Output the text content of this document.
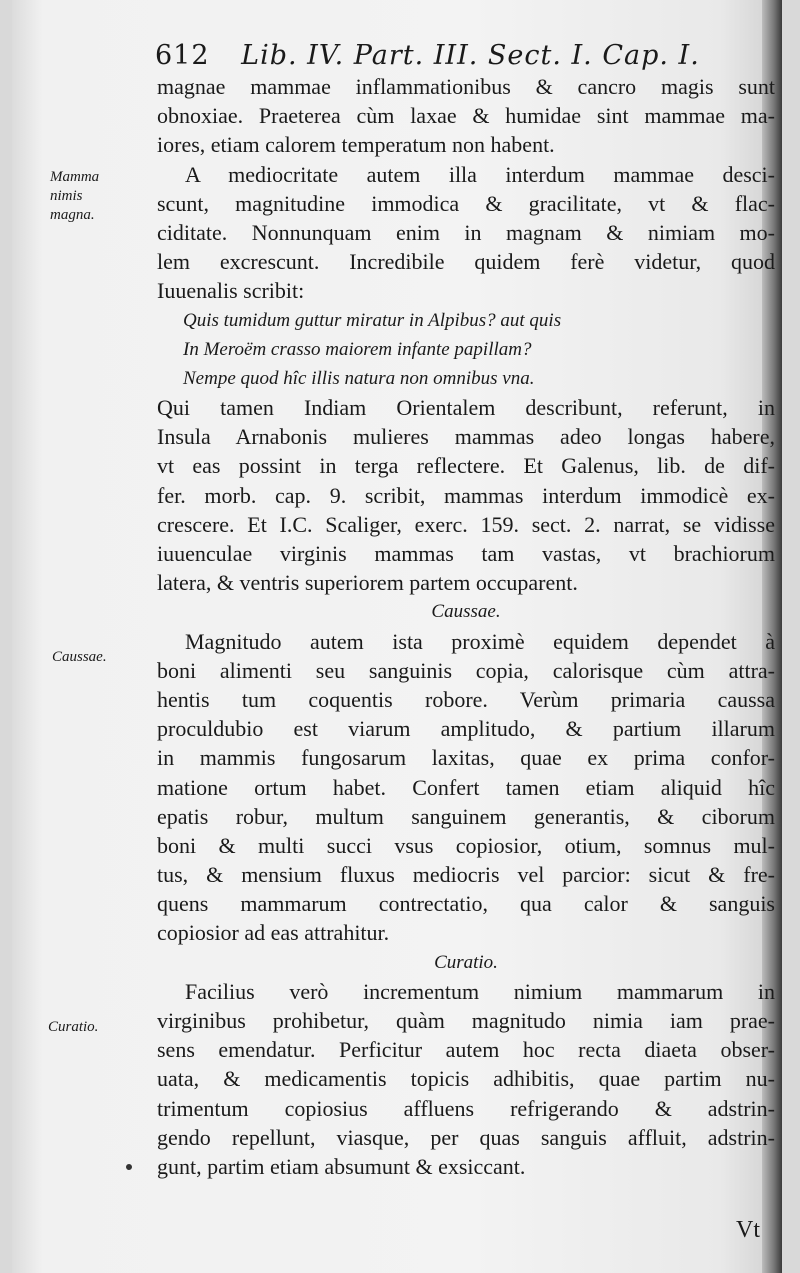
612 Lib. IV. Part. III. Sect. I. Cap. I.
Mamma
nimis
magna.
Caussae.
Curatio.
magnae mammae inflammationibus & cancro magis sunt
obnoxiae. Praeterea cùm laxae & humidae sint mammae ma-
iores, etiam calorem temperatum non habent.
A mediocritate autem illa interdum mammae desci-
scunt, magnitudine immodica & gracilitate, vt & flac-
ciditate. Nonnunquam enim in magnam & nimiam mo-
lem excrescunt. Incredibile quidem ferè videtur, quod
Iuuenalis scribit:
Quis tumidum guttur miratur in Alpibus? aut quis
In Meroëm crasso maiorem infante papillam?
Nempe quod hîc illis natura non omnibus vna.
Qui tamen Indiam Orientalem describunt, referunt, in
Insula Arnabonis mulieres mammas adeo longas habere,
vt eas possint in terga reflectere. Et Galenus, lib. de dif-
fer. morb. cap. 9. scribit, mammas interdum immodicè ex-
crescere. Et I.C. Scaliger, exerc. 159. sect. 2. narrat, se vidisse
iuuenculae virginis mammas tam vastas, vt brachiorum
latera, & ventris superiorem partem occuparent.
Caussae.
Magnitudo autem ista proximè equidem dependet à
boni alimenti seu sanguinis copia, calorisque cùm attra-
hentis tum coquentis robore. Verùm primaria caussa
proculdubio est viarum amplitudo, & partium illarum
in mammis fungosarum laxitas, quae ex prima confor-
matione ortum habet. Confert tamen etiam aliquid hîc
epatis robur, multum sanguinem generantis, & ciborum
boni & multi succi vsus copiosior, otium, somnus mul-
tus, & mensium fluxus mediocris vel parcior: sicut & fre-
quens mammarum contrectatio, qua calor & sanguis
copiosior ad eas attrahitur.
Curatio.
Facilius verò incrementum nimium mammarum in
virginibus prohibetur, quàm magnitudo nimia iam prae-
sens emendatur. Perficitur autem hoc recta diaeta obser-
uata, & medicamentis topicis adhibitis, quae partim nu-
trimentum copiosius affluens refrigerando & adstrin-
gendo repellunt, viasque, per quas sanguis affluit, adstrin-
gunt, partim etiam absumunt & exsiccant.
Vt
